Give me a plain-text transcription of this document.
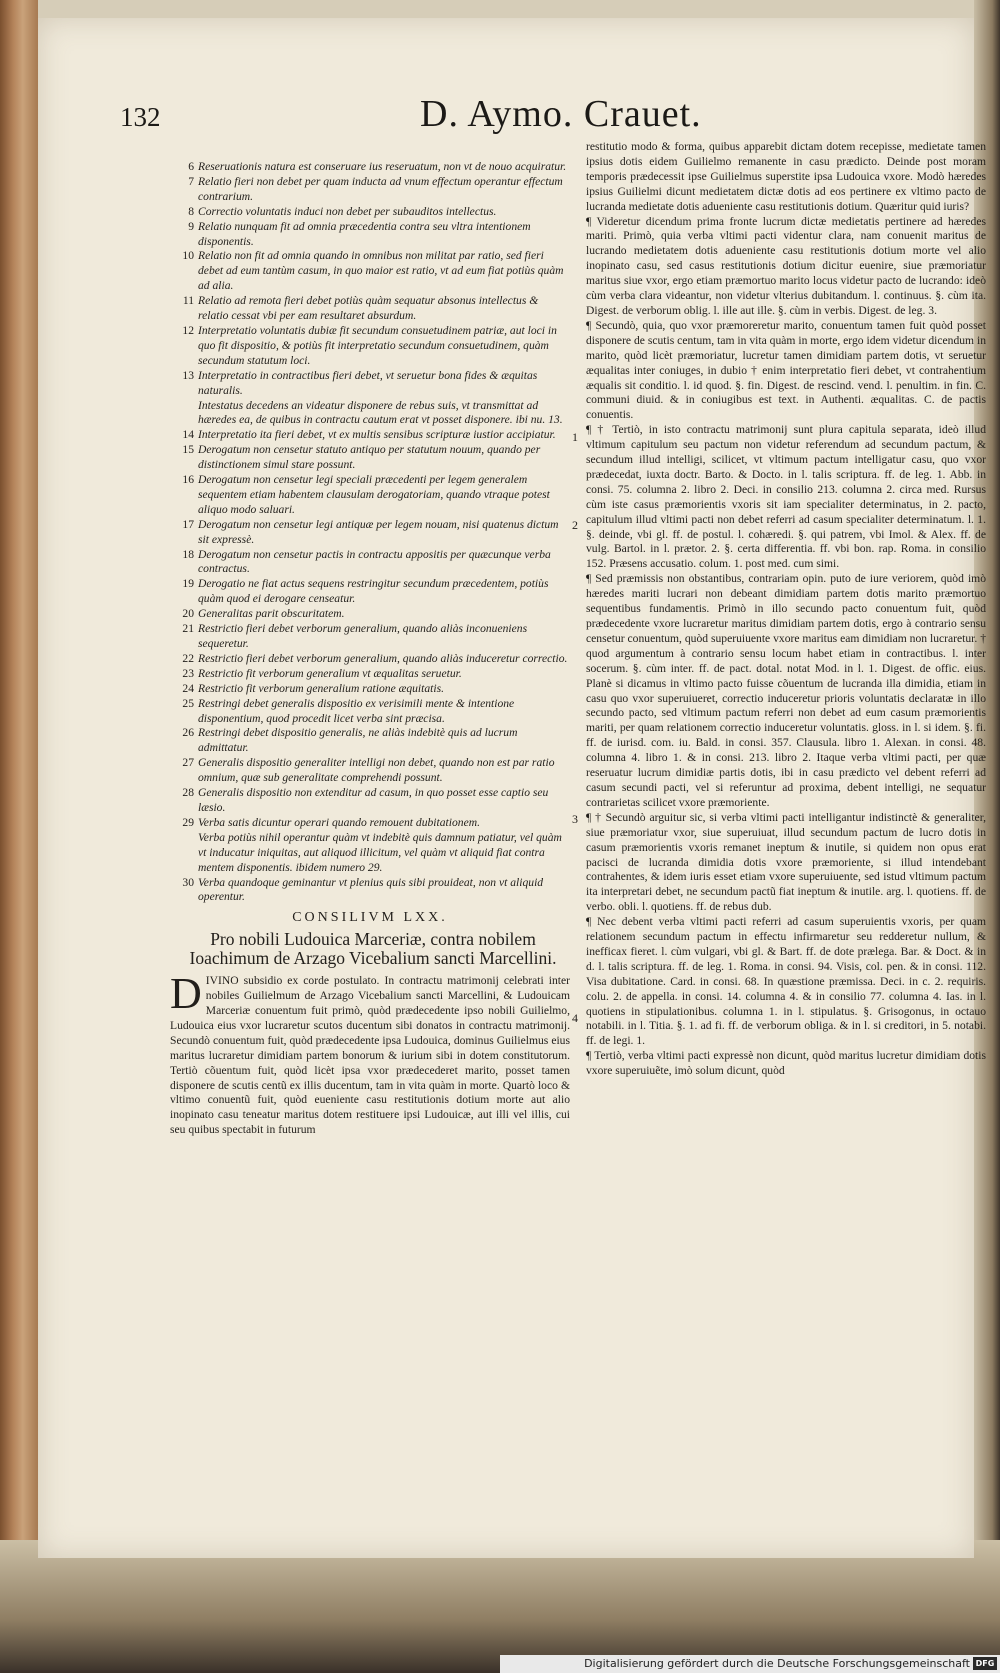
132	D. Aymo. Crauet.

6 Reseruationis natura est conseruare ius reseruatum, non vt de nouo acquiratur.

7 Relatio fieri non debet per quam inducta ad vnum effectum operantur effectum contrarium.

8 Correctio voluntatis induci non debet per subauditos intellectus.

9 Relatio nunquam fit ad omnia præcedentia contra seu vltra intentionem disponentis.

10 Relatio non fit ad omnia quando in omnibus non militat par ratio, sed fieri debet ad eum tantùm casum, in quo maior est ratio, vt ad eum fiat potiùs quàm ad alia.

11 Relatio ad remota fieri debet potiùs quàm sequatur absonus intellectus & relatio cessat vbi per eam resultaret absurdum.

12 Interpretatio voluntatis dubiæ fit secundum consuetudinem patriæ, aut loci in quo fit dispositio, & potiùs fit interpretatio secundum consuetudinem, quàm secundum statutum loci.

13 Interpretatio in contractibus fieri debet, vt seruetur bona fides & æquitas naturalis.

Intestatus decedens an videatur disponere de rebus suis, vt transmittat ad hæredes ea, de quibus in contractu cautum erat vt posset disponere. ibi nu. 13.

14 Interpretatio ita fieri debet, vt ex multis sensibus scripturæ iustior accipiatur.

15 Derogatum non censetur statuto antiquo per statutum nouum, quando per distinctionem simul stare possunt.

16 Derogatum non censetur legi speciali præcedenti per legem generalem sequentem etiam habentem clausulam derogatoriam, quando vtraque potest aliquo modo saluari.

17 Derogatum non censetur legi antiquæ per legem nouam, nisi quatenus dictum sit expressè.

18 Derogatum non censetur pactis in contractu appositis per quæcunque verba contractus.

19 Derogatio ne fiat actus sequens restringitur secundum præcedentem, potiùs quàm quod ei derogare censeatur.

20 Generalitas parit obscuritatem.

21 Restrictio fieri debet verborum generalium, quando aliàs inconueniens sequeretur.

22 Restrictio fieri debet verborum generalium, quando aliàs induceretur correctio.

23 Restrictio fit verborum generalium vt æqualitas seruetur.

24 Restrictio fit verborum generalium ratione æquitatis.

25 Restringi debet generalis dispositio ex verisimili mente & intentione disponentium, quod procedit licet verba sint præcisa.

26 Restringi debet dispositio generalis, ne aliàs indebitè quis ad lucrum admittatur.

27 Generalis dispositio generaliter intelligi non debet, quando non est par ratio omnium, quæ sub generalitate comprehendi possunt.

28 Generalis dispositio non extenditur ad casum, in quo posset esse captio seu læsio.

29 Verba satis dicuntur operari quando remouent dubitationem.

Verba potiùs nihil operantur quàm vt indebitè quis damnum patiatur, vel quàm vt inducatur iniquitas, aut aliquod illicitum, vel quàm vt aliquid fiat contra mentem disponentis. ibidem numero 29.

30 Verba quandoque geminantur vt plenius quis sibi prouideat, non vt aliquid operentur.

CONSILIVM LXX.
Pro nobili Ludouica Marceriæ, contra nobilem Ioachimum de Arzago Vicebalium sancti Marcellini.

DIVINO subsidio ex corde postulato. In contractu matrimonij celebrati inter nobiles Guilielmum de Arzago Vicebalium sancti Marcellini, & Ludouicam Marceriæ conuentum fuit primò, quòd prædecedente ipso nobili Guilielmo, Ludouica eius vxor lucraretur scutos ducentum sibi donatos in contractu matrimonij. Secundò conuentum fuit, quòd prædecedente ipsa Ludouica, dominus Guilielmus eius maritus lucraretur dimidiam partem bonorum & iurium sibi in dotem constitutorum. Tertiò cõuentum fuit, quòd licèt ipsa vxor prædecederet marito, posset tamen disponere de scutis centũ ex illis ducentum, tam in vita quàm in morte. Quartò loco & vltimo conuentũ fuit, quòd eueniente casu restitutionis dotium morte aut alio inopinato casu teneatur maritus dotem restituere ipsi Ludouicæ, aut illi vel illis, cui seu quibus spectabit in futurum

restitutio modo & forma, quibus apparebit dictam dotem recepisse, medietate tamen ipsius dotis eidem Guilielmo remanente in casu prædicto. Deinde post moram temporis prædecessit ipse Guilielmus superstite ipsa Ludouica vxore. Modò hæredes ipsius Guilielmi dicunt medietatem dictæ dotis ad eos pertinere ex vltimo pacto de lucranda medietate dotis adueniente casu restitutionis dotium. Quæritur quid iuris?

¶ Videretur dicendum prima fronte lucrum dictæ medietatis pertinere ad hæredes mariti. Primò, quia verba vltimi pacti videntur clara, nam conuenit maritus de lucrando medietatem dotis adueniente casu restitutionis dotium morte vel alio inopinato casu, sed casus restitutionis dotium dicitur euenire, siue præmoriatur maritus siue vxor, ergo etiam præmortuo marito locus videtur pacto de lucrando: ideò cùm verba clara videantur, non videtur vlterius dubitandum. l. continuus. §. cùm ita. Digest. de verborum oblig. l. ille aut ille. §. cùm in verbis. Digest. de leg. 3.

¶ Secundò, quia, quo vxor præmoreretur marito, conuentum tamen fuit quòd posset disponere de scutis centum, tam in vita quàm in morte, ergo idem videtur dicendum in marito, quòd licèt præmoriatur, lucretur tamen dimidiam partem dotis, vt seruetur æqualitas inter coniuges, in dubio † enim interpretatio fieri debet, vt contrahentium æqualis sit conditio. l. id quod. §. fin. Digest. de rescind. vend. l. penultim. in fin. C. communi diuid. & in coniugibus est text. in Authenti. æqualitas. C. de pactis conuentis.

¶ † Tertiò, in isto contractu matrimonij sunt plura capitula separata, ideò illud vltimum capitulum seu pactum non videtur referendum ad secundum pactum, & secundum illud intelligi, scilicet, vt vltimum pactum intelligatur casu, quo vxor prædecedat, iuxta doctr. Barto. & Docto. in l. talis scriptura. ff. de leg. 1. Abb. in consi. 75. columna 2. libro 2. Deci. in consilio 213. columna 2. circa med. Rursus cùm iste casus præmorientis vxoris sit iam specialiter determinatus, in 2. pacto, capitulum illud vltimi pacti non debet referri ad casum specialiter determinatum. l. 1. §. deinde, vbi gl. ff. de postul. l. cohæredi. §. qui patrem, vbi Imol. & Alex. ff. de vulg. Bartol. in l. prætor. 2. §. certa differentia. ff. vbi bon. rap. Roma. in consilio 152. Præsens accusatio. colum. 1. post med. cum simi.

¶ Sed præmissis non obstantibus, contrariam opin. puto de iure veriorem, quòd imò hæredes mariti lucrari non debeant dimidiam partem dotis marito præmortuo sequentibus fundamentis. Primò in illo secundo pacto conuentum fuit, quòd prædecedente vxore lucraretur maritus dimidiam partem dotis, ergo à contrario sensu censetur conuentum, quòd superuiuente vxore maritus eam dimidiam non lucraretur. † quod argumentum à contrario sensu locum habet etiam in contractibus. l. inter socerum. §. cùm inter. ff. de pact. dotal. notat Mod. in l. 1. Digest. de offic. eius. Planè si dicamus in vltimo pacto fuisse cõuentum de lucranda illa dimidia, etiam in casu quo vxor superuiueret, correctio induceretur prioris voluntatis declaratæ in illo secundo pacto, sed vltimum pactum referri non debet ad eum casum præmorientis mariti, per quam relationem correctio induceretur voluntatis. gloss. in l. si idem. §. fi. ff. de iurisd. com. iu. Bald. in consi. 357. Clausula. libro 1. Alexan. in consi. 48. columna 4. libro 1. & in consi. 213. libro 2. Itaque verba vltimi pacti, per quæ reseruatur lucrum dimidiæ partis dotis, ibi in casu prædicto vel debent referri ad casum secundi pacti, vel si referuntur ad proxima, debent intelligi, ne sequatur contrarietas scilicet vxore præmoriente.

¶ † Secundò arguitur sic, si verba vltimi pacti intelligantur indistinctè & generaliter, siue præmoriatur vxor, siue superuiuat, illud secundum pactum de lucro dotis in casum præmorientis vxoris remanet ineptum & inutile, si quidem non opus erat pacisci de lucranda dimidia dotis vxore præmoriente, si illud intendebant contrahentes, & idem iuris esset etiam vxore superuiuente, sed istud vltimum pactum ita interpretari debet, ne secundum pactũ fiat ineptum & inutile. arg. l. quotiens. ff. de verbo. obli. l. quotiens. ff. de rebus dub.

¶ Nec debent verba vltimi pacti referri ad casum superuientis vxoris, per quam relationem secundum pactum in effectu infirmaretur seu redderetur nullum, & inefficax fieret. l. cùm vulgari, vbi gl. & Bart. ff. de dote prælega. Bar. & Doct. & in d. l. talis scriptura. ff. de leg. 1. Roma. in consi. 94. Visis, col. pen. & in consi. 112. Visa dubitatione. Card. in consi. 68. In quæstione præmissa. Deci. in c. 2. requiris. colu. 2. de appella. in consi. 14. columna 4. & in consilio 77. columna 4. Ias. in l. quotiens in stipulationibus. columna 1. in l. stipulatus. §. Grisogonus, in octauo notabili. in l. Titia. §. 1. ad fi. ff. de verborum obliga. & in l. si creditori, in 5. notabi. ff. de legi. 1.

¶ Tertiò, verba vltimi pacti expressè non dicunt, quòd maritus lucretur dimidiam dotis vxore superuiuẽte, imò solum dicunt, quòd

1
2
3
4
Digitalisierung gefördert durch die Deutsche Forschungsgemeinschaft DFG
